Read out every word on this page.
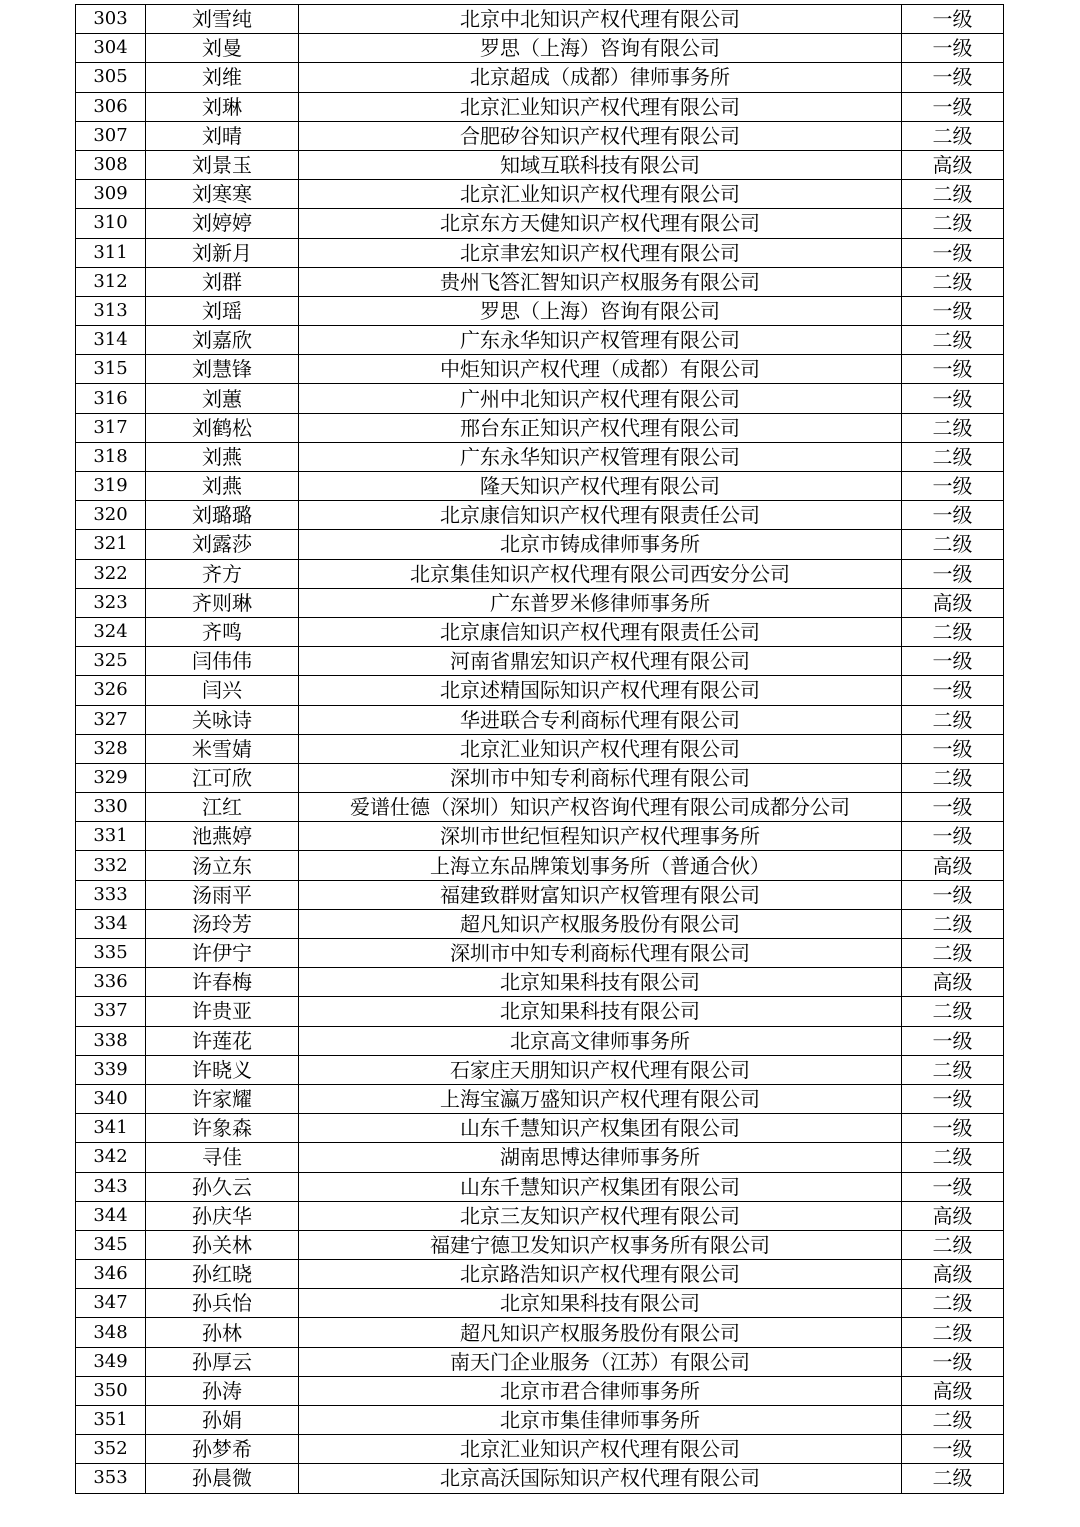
303	刘雪纯	北京中北知识产权代理有限公司	一级
304	刘曼	罗思（上海）咨询有限公司	一级
305	刘维	北京超成（成都）律师事务所	一级
306	刘琳	北京汇业知识产权代理有限公司	一级
307	刘晴	合肥矽谷知识产权代理有限公司	二级
308	刘景玉	知域互联科技有限公司	高级
309	刘寒寒	北京汇业知识产权代理有限公司	二级
310	刘婷婷	北京东方天健知识产权代理有限公司	二级
311	刘新月	北京聿宏知识产权代理有限公司	一级
312	刘群	贵州飞答汇智知识产权服务有限公司	二级
313	刘瑶	罗思（上海）咨询有限公司	一级
314	刘嘉欣	广东永华知识产权管理有限公司	二级
315	刘慧锋	中炬知识产权代理（成都）有限公司	一级
316	刘蕙	广州中北知识产权代理有限公司	一级
317	刘鹤松	邢台东正知识产权代理有限公司	二级
318	刘燕	广东永华知识产权管理有限公司	二级
319	刘燕	隆天知识产权代理有限公司	一级
320	刘璐璐	北京康信知识产权代理有限责任公司	一级
321	刘露莎	北京市铸成律师事务所	二级
322	齐方	北京集佳知识产权代理有限公司西安分公司	一级
323	齐则琳	广东普罗米修律师事务所	高级
324	齐鸣	北京康信知识产权代理有限责任公司	二级
325	闫伟伟	河南省鼎宏知识产权代理有限公司	一级
326	闫兴	北京述精国际知识产权代理有限公司	一级
327	关咏诗	华进联合专利商标代理有限公司	二级
328	米雪婧	北京汇业知识产权代理有限公司	一级
329	江可欣	深圳市中知专利商标代理有限公司	二级
330	江红	爱谱仕德（深圳）知识产权咨询代理有限公司成都分公司	一级
331	池燕婷	深圳市世纪恒程知识产权代理事务所	一级
332	汤立东	上海立东品牌策划事务所（普通合伙）	高级
333	汤雨平	福建致群财富知识产权管理有限公司	一级
334	汤玲芳	超凡知识产权服务股份有限公司	二级
335	许伊宁	深圳市中知专利商标代理有限公司	二级
336	许春梅	北京知果科技有限公司	高级
337	许贵亚	北京知果科技有限公司	二级
338	许莲花	北京高文律师事务所	一级
339	许晓义	石家庄天朋知识产权代理有限公司	二级
340	许家耀	上海宝瀛万盛知识产权代理有限公司	一级
341	许象森	山东千慧知识产权集团有限公司	一级
342	寻佳	湖南思博达律师事务所	二级
343	孙久云	山东千慧知识产权集团有限公司	一级
344	孙庆华	北京三友知识产权代理有限公司	高级
345	孙关林	福建宁德卫发知识产权事务所有限公司	二级
346	孙红晓	北京路浩知识产权代理有限公司	高级
347	孙兵怡	北京知果科技有限公司	二级
348	孙林	超凡知识产权服务股份有限公司	二级
349	孙厚云	南天门企业服务（江苏）有限公司	一级
350	孙涛	北京市君合律师事务所	高级
351	孙娟	北京市集佳律师事务所	二级
352	孙梦希	北京汇业知识产权代理有限公司	一级
353	孙晨微	北京高沃国际知识产权代理有限公司	二级
